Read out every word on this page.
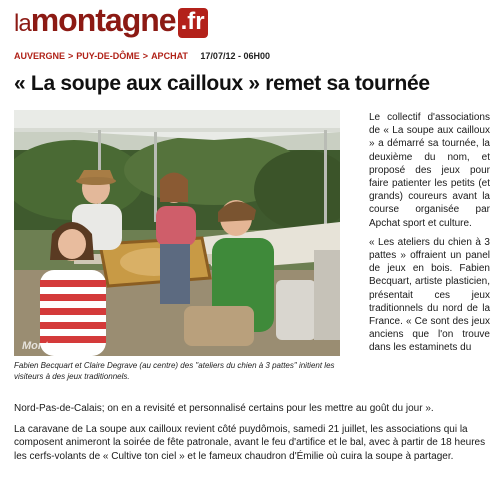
la montagne .fr
AUVERGNE > PUY-DE-DÔME > APCHAT 17/07/12 - 06H00
« La soupe aux cailloux » remet sa tournée
Montagne
Fabien Becquart et Claire Degrave (au centre) des "ateliers du chien à 3 pattes" initient les visiteurs à des jeux traditionnels.

Le collectif d'associations de « La soupe aux cailloux » a démarré sa tournée, la deuxième du nom, et proposé des jeux pour faire patienter les petits (et grands) coureurs avant la course organisée par Apchat sport et culture.

« Les ateliers du chien à 3 pattes » offraient un panel de jeux en bois. Fabien Becquart, artiste plasticien, présentait ces jeux traditionnels du nord de la France. « Ce sont des jeux anciens que l'on trouve dans les estaminets du

Nord-Pas-de-Calais; on en a revisité et personnalisé certains pour les mettre au goût du jour ».

La caravane de La soupe aux cailloux revient côté puydômois, samedi 21 juillet, les associations qui la composent animeront la soirée de fête patronale, avant le feu d'artifice et le bal, avec à partir de 18 heures les cerfs-volants de « Cultive ton ciel » et le fameux chaudron d'Émilie où cuira la soupe à partager.
